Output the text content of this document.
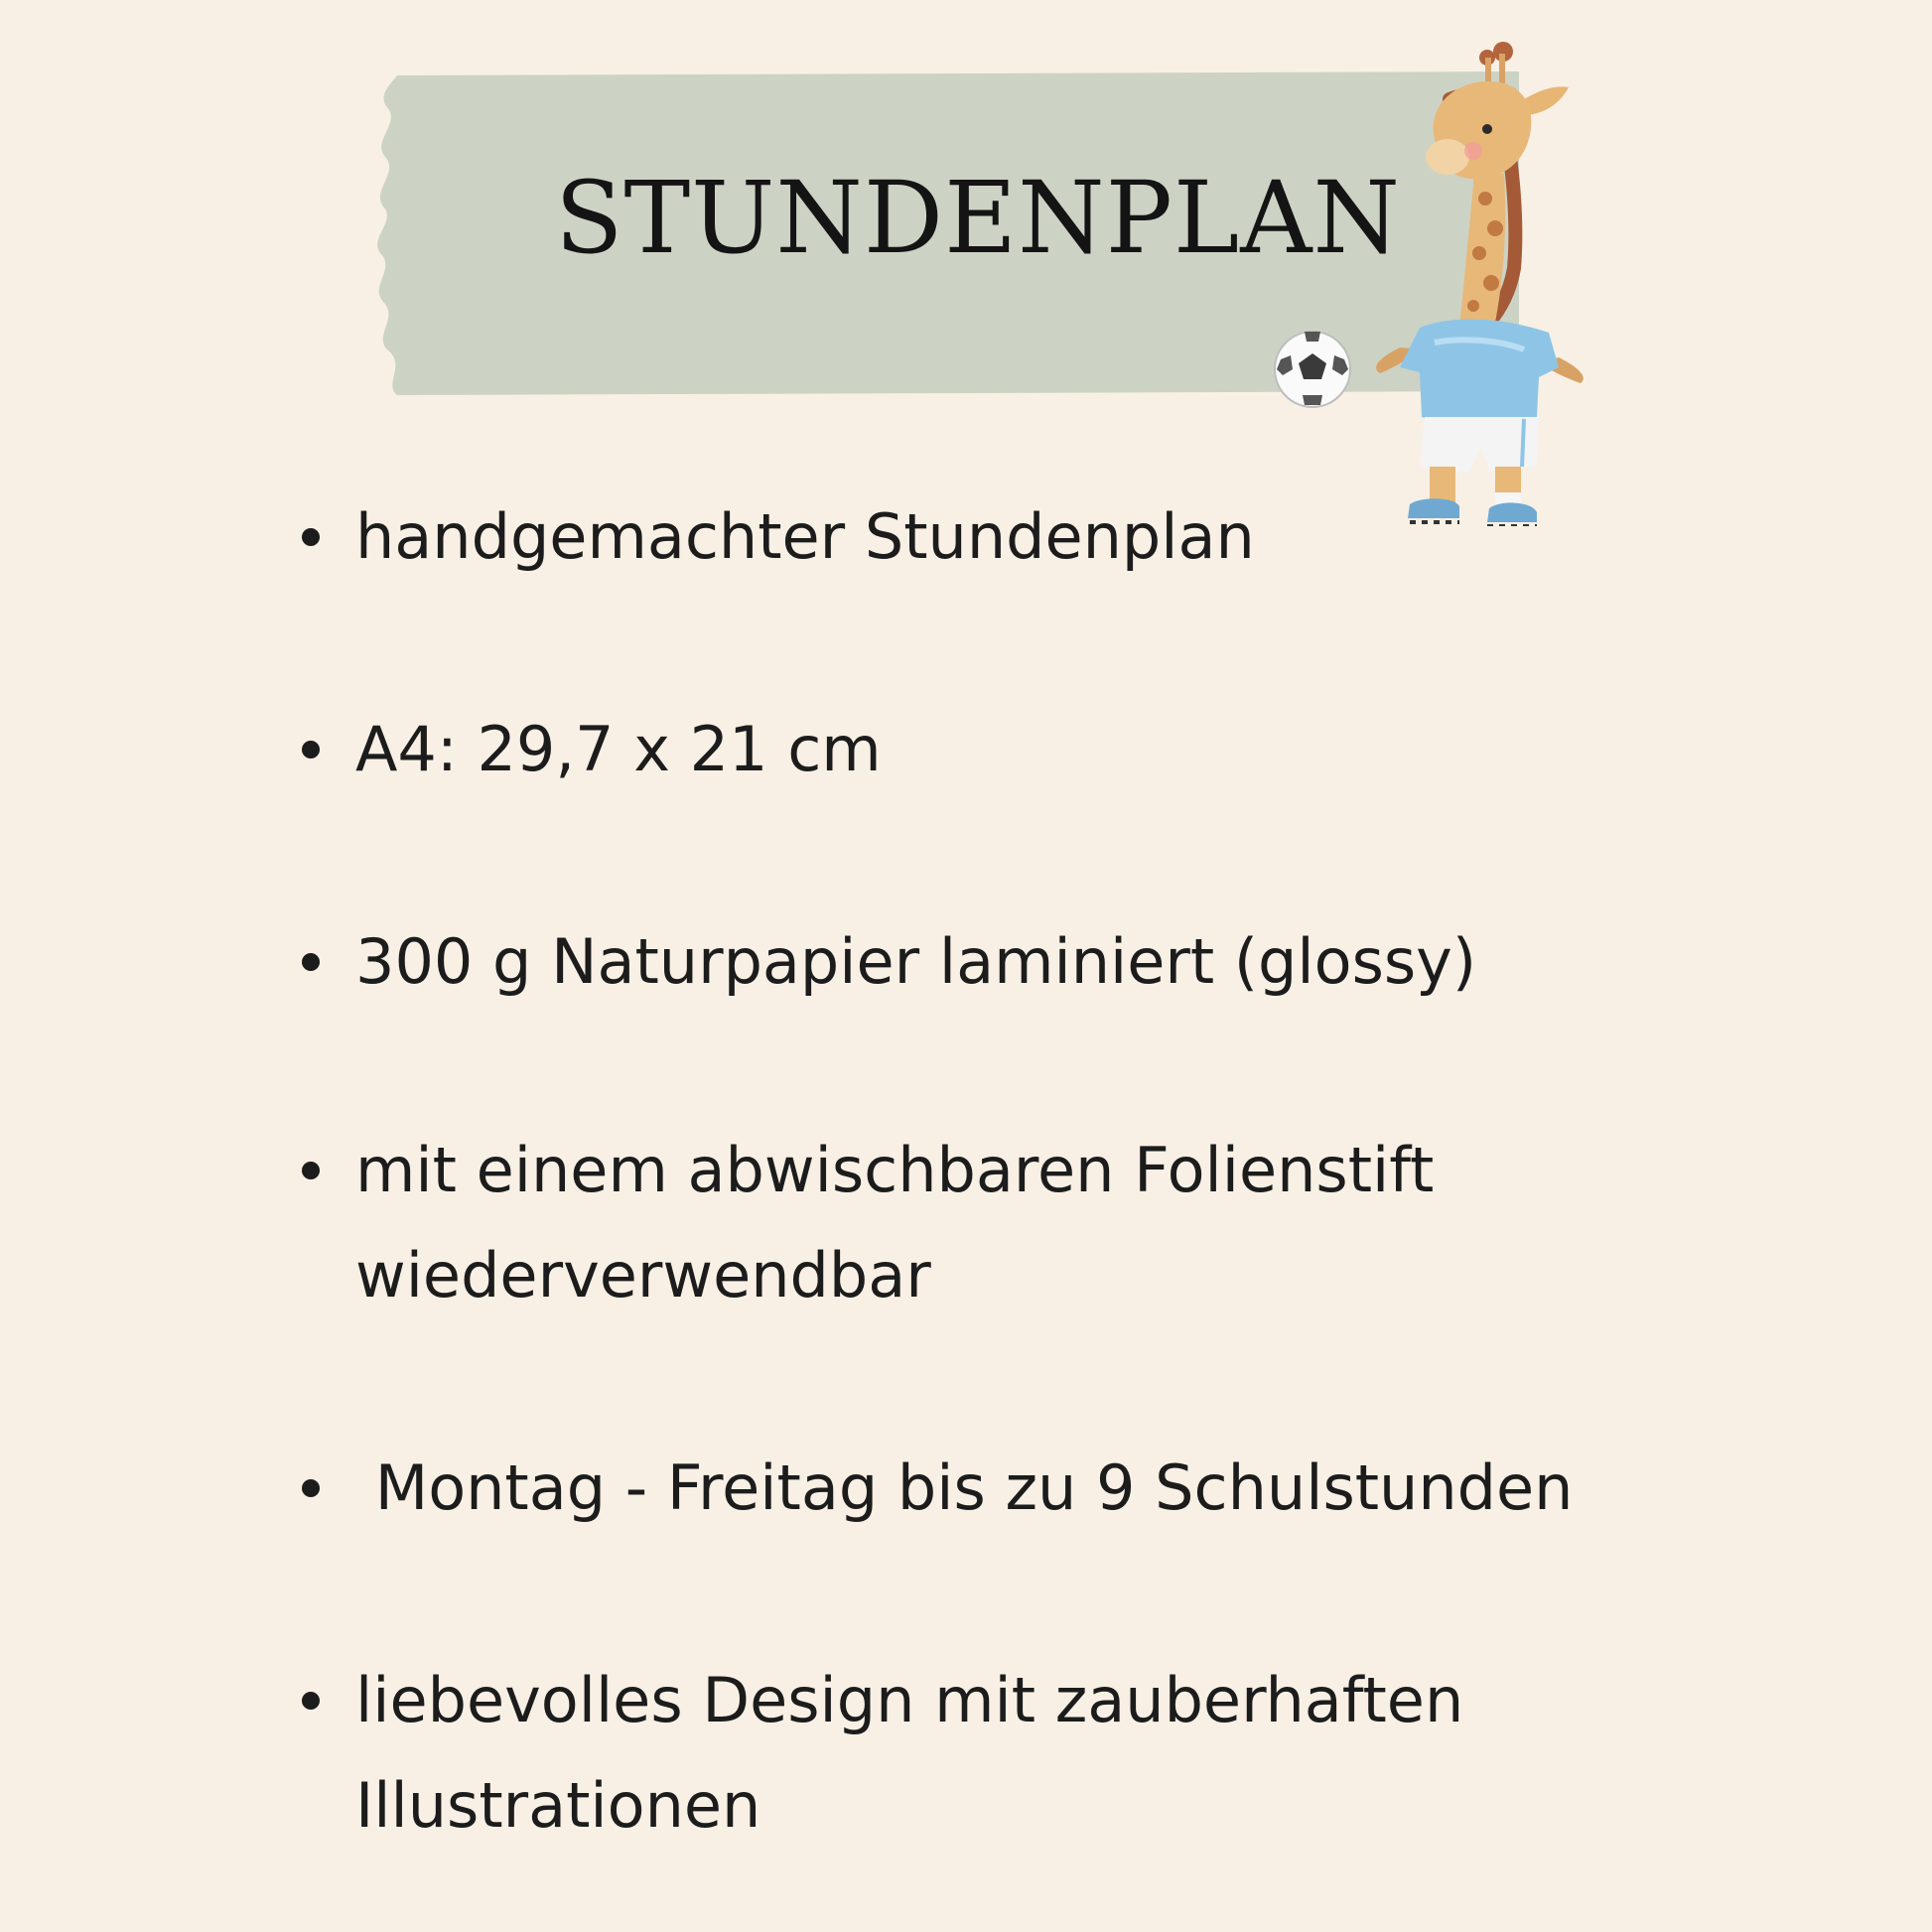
STUNDENPLAN
handgemachter Stundenplan
A4: 29,7 x 21 cm
300 g Naturpapier laminiert (glossy)
mit einem abwischbaren Folienstift
wiederverwendbar
Montag - Freitag bis zu 9 Schulstunden
liebevolles Design mit zauberhaften
Illustrationen
